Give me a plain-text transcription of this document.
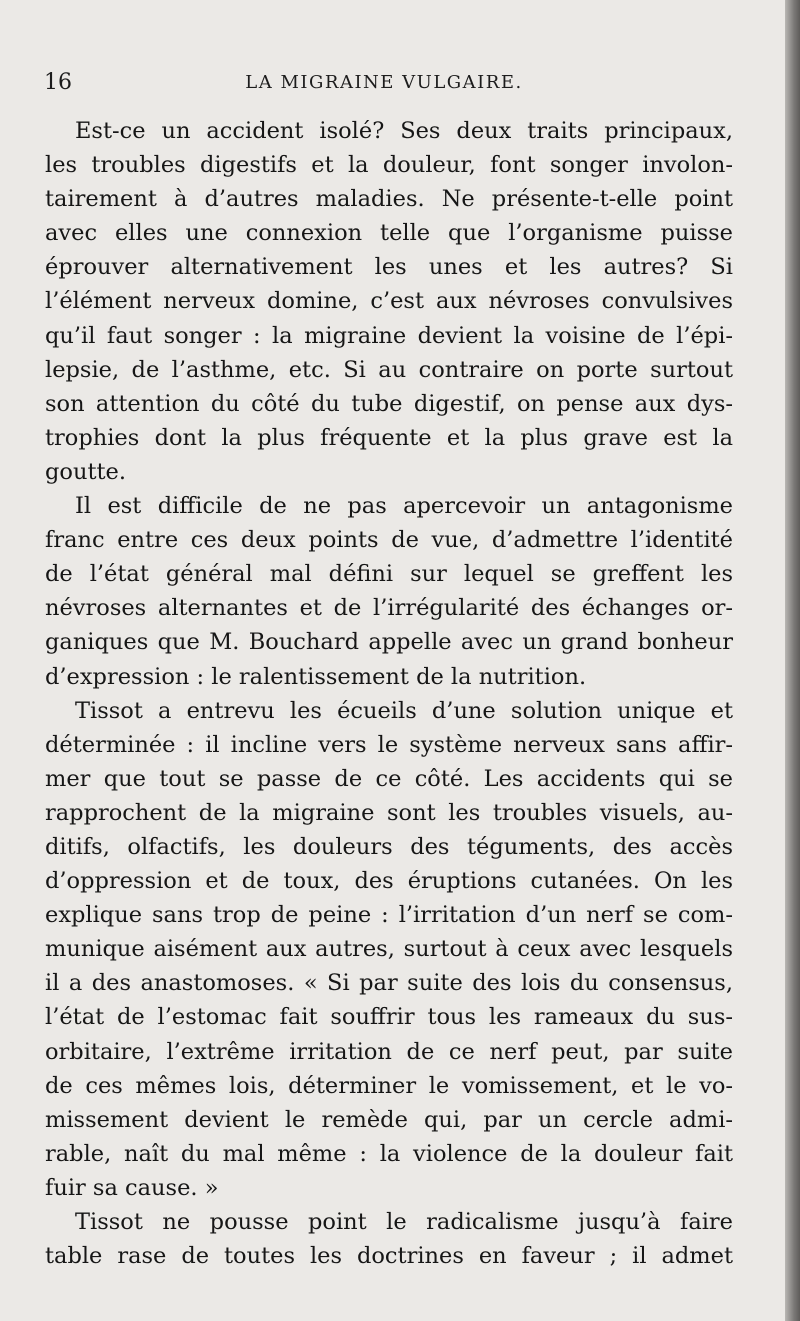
16	LA MIGRAINE VULGAIRE.

Est-ce un accident isolé? Ses deux traits principaux,
les troubles digestifs et la douleur, font songer involon-
tairement à d’autres maladies. Ne présente-t-elle point
avec elles une connexion telle que l’organisme puisse
éprouver alternativement les unes et les autres? Si
l’élément nerveux domine, c’est aux névroses convulsives
qu’il faut songer : la migraine devient la voisine de l’épi-
lepsie, de l’asthme, etc. Si au contraire on porte surtout
son attention du côté du tube digestif, on pense aux dys-
trophies dont la plus fréquente et la plus grave est la
goutte.

Il est difficile de ne pas apercevoir un antagonisme
franc entre ces deux points de vue, d’admettre l’identité
de l’état général mal défini sur lequel se greffent les
névroses alternantes et de l’irrégularité des échanges or-
ganiques que M. Bouchard appelle avec un grand bonheur
d’expression : le ralentissement de la nutrition.

Tissot a entrevu les écueils d’une solution unique et
déterminée : il incline vers le système nerveux sans affir-
mer que tout se passe de ce côté. Les accidents qui se
rapprochent de la migraine sont les troubles visuels, au-
ditifs, olfactifs, les douleurs des téguments, des accès
d’oppression et de toux, des éruptions cutanées. On les
explique sans trop de peine : l’irritation d’un nerf se com-
munique aisément aux autres, surtout à ceux avec lesquels
il a des anastomoses. « Si par suite des lois du consensus,
l’état de l’estomac fait souffrir tous les rameaux du sus-
orbitaire, l’extrême irritation de ce nerf peut, par suite
de ces mêmes lois, déterminer le vomissement, et le vo-
missement devient le remède qui, par un cercle admi-
rable, naît du mal même : la violence de la douleur fait
fuir sa cause. »

Tissot ne pousse point le radicalisme jusqu’à faire
table rase de toutes les doctrines en faveur ; il admet
